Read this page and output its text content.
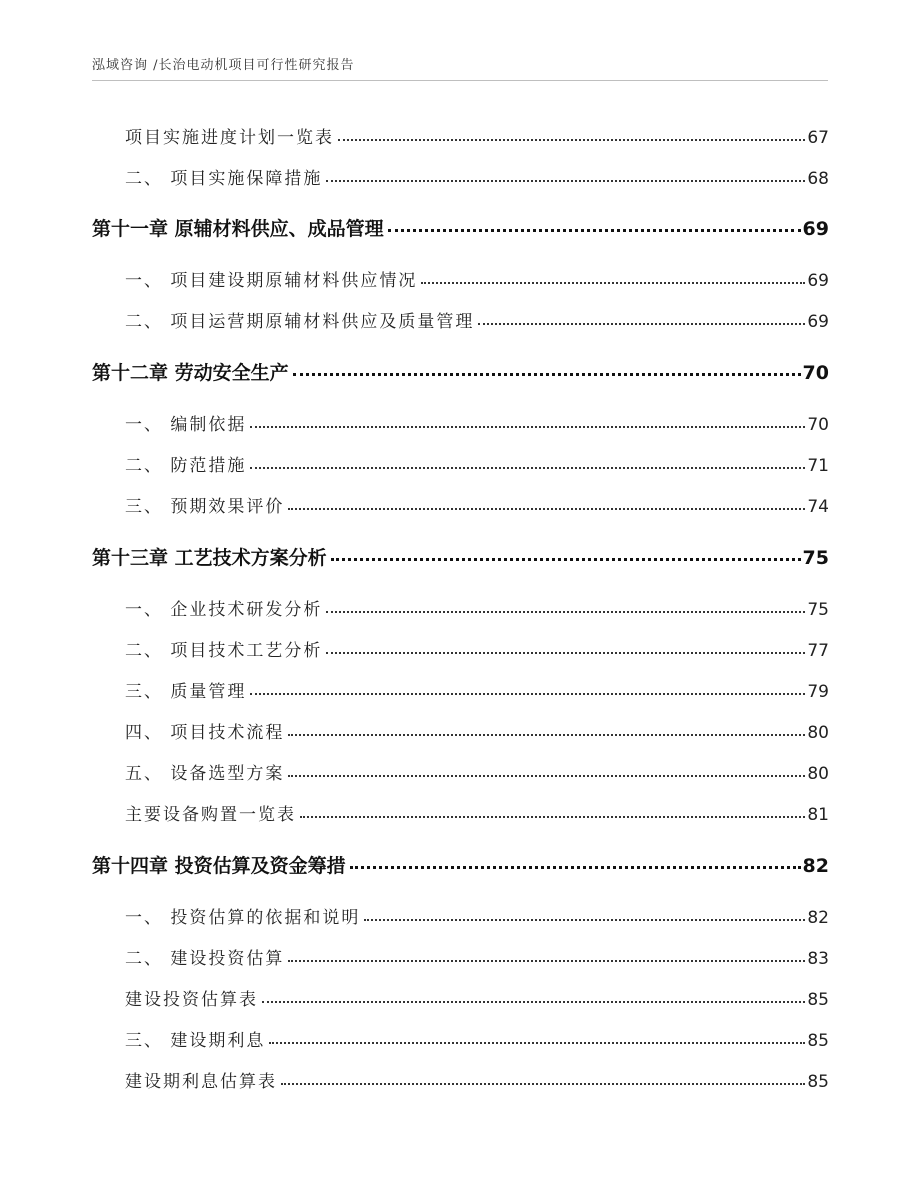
泓域咨询 /长治电动机项目可行性研究报告
项目实施进度计划一览表	67
二、 项目实施保障措施	68
第十一章 原辅材料供应、成品管理	69
一、 项目建设期原辅材料供应情况	69
二、 项目运营期原辅材料供应及质量管理	69
第十二章 劳动安全生产	70
一、 编制依据	70
二、 防范措施	71
三、 预期效果评价	74
第十三章 工艺技术方案分析	75
一、 企业技术研发分析	75
二、 项目技术工艺分析	77
三、 质量管理	79
四、 项目技术流程	80
五、 设备选型方案	80
主要设备购置一览表	81
第十四章 投资估算及资金筹措	82
一、 投资估算的依据和说明	82
二、 建设投资估算	83
建设投资估算表	85
三、 建设期利息	85
建设期利息估算表	85
